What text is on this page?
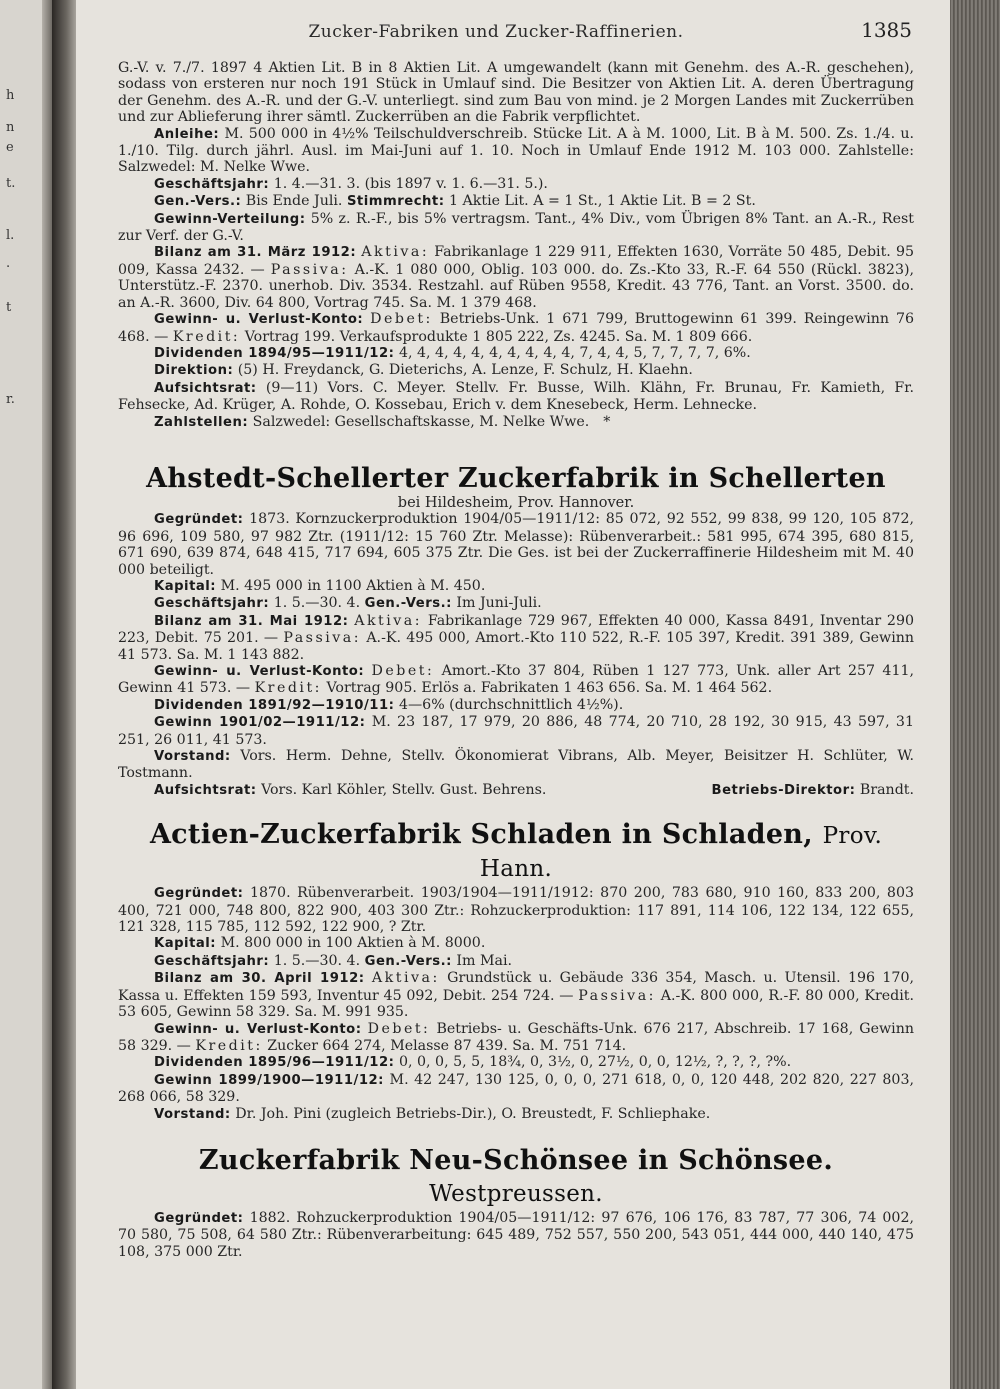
h
n
e
t.
l.
.
t
r.
Zucker-Fabriken und Zucker-Raffinerien.	1385

G.-V. v. 7./7. 1897 4 Aktien Lit. B in 8 Aktien Lit. A umgewandelt (kann mit Genehm. des A.-R. geschehen), sodass von ersteren nur noch 191 Stück in Umlauf sind. Die Besitzer von Aktien Lit. A. deren Übertragung der Genehm. des A.-R. und der G.-V. unterliegt. sind zum Bau von mind. je 2 Morgen Landes mit Zuckerrüben und zur Ablieferung ihrer sämtl. Zuckerrüben an die Fabrik verpflichtet.

Anleihe: M. 500 000 in 4½% Teilschuldverschreib. Stücke Lit. A à M. 1000, Lit. B à M. 500. Zs. 1./4. u. 1./10. Tilg. durch jährl. Ausl. im Mai-Juni auf 1. 10. Noch in Umlauf Ende 1912 M. 103 000. Zahlstelle: Salzwedel: M. Nelke Wwe.

Geschäftsjahr: 1. 4.—31. 3. (bis 1897 v. 1. 6.—31. 5.).

Gen.-Vers.: Bis Ende Juli. Stimmrecht: 1 Aktie Lit. A = 1 St., 1 Aktie Lit. B = 2 St.

Gewinn-Verteilung: 5% z. R.-F., bis 5% vertragsm. Tant., 4% Div., vom Übrigen 8% Tant. an A.-R., Rest zur Verf. der G.-V.

Bilanz am 31. März 1912: Aktiva: Fabrikanlage 1 229 911, Effekten 1630, Vorräte 50 485, Debit. 95 009, Kassa 2432. — Passiva: A.-K. 1 080 000, Oblig. 103 000. do. Zs.-Kto 33, R.-F. 64 550 (Rückl. 3823), Unterstütz.-F. 2370. unerhob. Div. 3534. Restzahl. auf Rüben 9558, Kredit. 43 776, Tant. an Vorst. 3500. do. an A.-R. 3600, Div. 64 800, Vortrag 745. Sa. M. 1 379 468.

Gewinn- u. Verlust-Konto: Debet: Betriebs-Unk. 1 671 799, Bruttogewinn 61 399. Reingewinn 76 468. — Kredit: Vortrag 199. Verkaufsprodukte 1 805 222, Zs. 4245. Sa. M. 1 809 666.

Dividenden 1894/95—1911/12: 4, 4, 4, 4, 4, 4, 4, 4, 4, 4, 7, 4, 4, 5, 7, 7, 7, 7, 6%.

Direktion: (5) H. Freydanck, G. Dieterichs, A. Lenze, F. Schulz, H. Klaehn.

Aufsichtsrat: (9—11) Vors. C. Meyer. Stellv. Fr. Busse, Wilh. Klähn, Fr. Brunau, Fr. Kamieth, Fr. Fehsecke, Ad. Krüger, A. Rohde, O. Kossebau, Erich v. dem Knesebeck, Herm. Lehnecke.

Zahlstellen: Salzwedel: Gesellschaftskasse, M. Nelke Wwe. *

Ahstedt-Schellerter Zuckerfabrik in Schellerten

bei Hildesheim, Prov. Hannover.

Gegründet: 1873. Kornzuckerproduktion 1904/05—1911/12: 85 072, 92 552, 99 838, 99 120, 105 872, 96 696, 109 580, 97 982 Ztr. (1911/12: 15 760 Ztr. Melasse): Rübenverarbeit.: 581 995, 674 395, 680 815, 671 690, 639 874, 648 415, 717 694, 605 375 Ztr. Die Ges. ist bei der Zuckerraffinerie Hildesheim mit M. 40 000 beteiligt.

Kapital: M. 495 000 in 1100 Aktien à M. 450.

Geschäftsjahr: 1. 5.—30. 4. Gen.-Vers.: Im Juni-Juli.

Bilanz am 31. Mai 1912: Aktiva: Fabrikanlage 729 967, Effekten 40 000, Kassa 8491, Inventar 290 223, Debit. 75 201. — Passiva: A.-K. 495 000, Amort.-Kto 110 522, R.-F. 105 397, Kredit. 391 389, Gewinn 41 573. Sa. M. 1 143 882.

Gewinn- u. Verlust-Konto: Debet: Amort.-Kto 37 804, Rüben 1 127 773, Unk. aller Art 257 411, Gewinn 41 573. — Kredit: Vortrag 905. Erlös a. Fabrikaten 1 463 656. Sa. M. 1 464 562.

Dividenden 1891/92—1910/11: 4—6% (durchschnittlich 4½%).

Gewinn 1901/02—1911/12: M. 23 187, 17 979, 20 886, 48 774, 20 710, 28 192, 30 915, 43 597, 31 251, 26 011, 41 573.

Vorstand: Vors. Herm. Dehne, Stellv. Ökonomierat Vibrans, Alb. Meyer, Beisitzer H. Schlüter, W. Tostmann.

Aufsichtsrat: Vors. Karl Köhler, Stellv. Gust. Behrens.	Betriebs-Direktor: Brandt.

Actien-Zuckerfabrik Schladen in Schladen, Prov. Hann.

Gegründet: 1870. Rübenverarbeit. 1903/1904—1911/1912: 870 200, 783 680, 910 160, 833 200, 803 400, 721 000, 748 800, 822 900, 403 300 Ztr.: Rohzuckerproduktion: 117 891, 114 106, 122 134, 122 655, 121 328, 115 785, 112 592, 122 900, ? Ztr.

Kapital: M. 800 000 in 100 Aktien à M. 8000.

Geschäftsjahr: 1. 5.—30. 4. Gen.-Vers.: Im Mai.

Bilanz am 30. April 1912: Aktiva: Grundstück u. Gebäude 336 354, Masch. u. Utensil. 196 170, Kassa u. Effekten 159 593, Inventur 45 092, Debit. 254 724. — Passiva: A.-K. 800 000, R.-F. 80 000, Kredit. 53 605, Gewinn 58 329. Sa. M. 991 935.

Gewinn- u. Verlust-Konto: Debet: Betriebs- u. Geschäfts-Unk. 676 217, Abschreib. 17 168, Gewinn 58 329. — Kredit: Zucker 664 274, Melasse 87 439. Sa. M. 751 714.

Dividenden 1895/96—1911/12: 0, 0, 0, 5, 5, 18¾, 0, 3½, 0, 27½, 0, 0, 12½, ?, ?, ?, ?%.

Gewinn 1899/1900—1911/12: M. 42 247, 130 125, 0, 0, 0, 271 618, 0, 0, 120 448, 202 820, 227 803, 268 066, 58 329.

Vorstand: Dr. Joh. Pini (zugleich Betriebs-Dir.), O. Breustedt, F. Schliephake.

Zuckerfabrik Neu-Schönsee in Schönsee. Westpreussen.

Gegründet: 1882. Rohzuckerproduktion 1904/05—1911/12: 97 676, 106 176, 83 787, 77 306, 74 002, 70 580, 75 508, 64 580 Ztr.: Rübenverarbeitung: 645 489, 752 557, 550 200, 543 051, 444 000, 440 140, 475 108, 375 000 Ztr.
